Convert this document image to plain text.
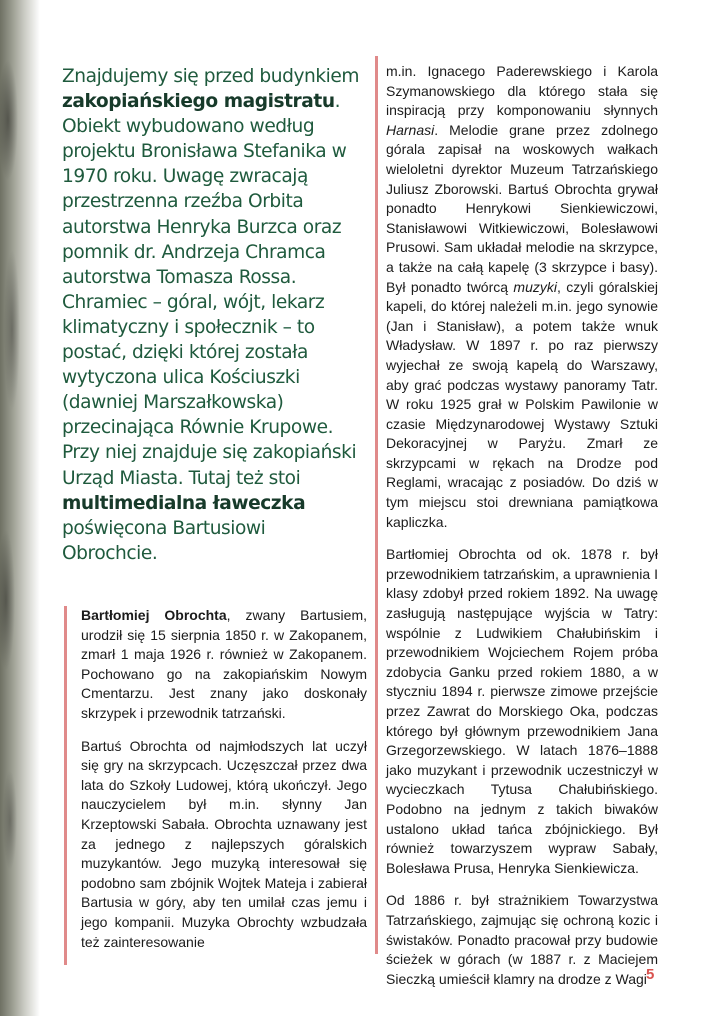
Znajdujemy się przed budynkiem zakopiańskiego magistratu. Obiekt wybudowano według projektu Bronisława Stefanika w 1970 roku. Uwagę zwracają przestrzenna rzeźba Orbita autorstwa Henryka Burzca oraz pomnik dr. Andrzeja Chramca autorstwa Tomasza Rossa. Chramiec – góral, wójt, lekarz klimatyczny i społecznik – to postać, dzięki której została wytyczona ulica Kościuszki (dawniej Marszałkowska) przecinająca Równie Krupowe. Przy niej znajduje się zakopiański Urząd Miasta. Tutaj też stoi multimedialna ławeczka poświęcona Bartusiowi Obrochcie.

Bartłomiej Obrochta, zwany Bartusiem, urodził się 15 sierpnia 1850 r. w Zakopanem, zmarł 1 maja 1926 r. również w Zakopanem. Pochowano go na zakopiańskim Nowym Cmentarzu. Jest znany jako doskonały skrzypek i przewodnik tatrzański.

Bartuś Obrochta od najmłodszych lat uczył się gry na skrzypcach. Uczęszczał przez dwa lata do Szkoły Ludowej, którą ukończył. Jego nauczycielem był m.in. słynny Jan Krzeptowski Sabała. Obrochta uznawany jest za jednego z najlepszych góralskich muzykantów. Jego muzyką interesował się podobno sam zbójnik Wojtek Mateja i zabierał Bartusia w góry, aby ten umilał czas jemu i jego kompanii. Muzyka Obrochty wzbudzała też zainteresowanie

m.in. Ignacego Paderewskiego i Karola Szymanowskiego dla którego stała się inspiracją przy komponowaniu słynnych Harnasi. Melodie grane przez zdolnego górala zapisał na woskowych wałkach wieloletni dyrektor Muzeum Tatrzańskiego Juliusz Zborowski. Bartuś Obrochta grywał ponadto Henrykowi Sienkiewiczowi, Stanisławowi Witkiewiczowi, Bolesławowi Prusowi. Sam układał melodie na skrzypce, a także na całą kapelę (3 skrzypce i basy). Był ponadto twórcą muzyki, czyli góralskiej kapeli, do której należeli m.in. jego synowie (Jan i Stanisław), a potem także wnuk Władysław. W 1897 r. po raz pierwszy wyjechał ze swoją kapelą do Warszawy, aby grać podczas wystawy panoramy Tatr. W roku 1925 grał w Polskim Pawilonie w czasie Międzynarodowej Wystawy Sztuki Dekoracyjnej w Paryżu. Zmarł ze skrzypcami w rękach na Drodze pod Reglami, wracając z posiadów. Do dziś w tym miejscu stoi drewniana pamiątkowa kapliczka.

Bartłomiej Obrochta od ok. 1878 r. był przewodnikiem tatrzańskim, a uprawnienia I klasy zdobył przed rokiem 1892. Na uwagę zasługują następujące wyjścia w Tatry: wspólnie z Ludwikiem Chałubińskim i przewodnikiem Wojciechem Rojem próba zdobycia Ganku przed rokiem 1880, a w styczniu 1894 r. pierwsze zimowe przejście przez Zawrat do Morskiego Oka, podczas którego był głównym przewodnikiem Jana Grzegorzewskiego. W latach 1876–1888 jako muzykant i przewodnik uczestniczył w wycieczkach Tytusa Chałubińskiego. Podobno na jednym z takich biwaków ustalono układ tańca zbójnickiego. Był również towarzyszem wypraw Sabały, Bolesława Prusa, Henryka Sienkiewicza.

Od 1886 r. był strażnikiem Towarzystwa Tatrzańskiego, zajmując się ochroną kozic i świstaków. Ponadto pracował przy budowie ścieżek w górach (w 1887 r. z Maciejem Sieczką umieścił klamry na drodze z Wagi 5
